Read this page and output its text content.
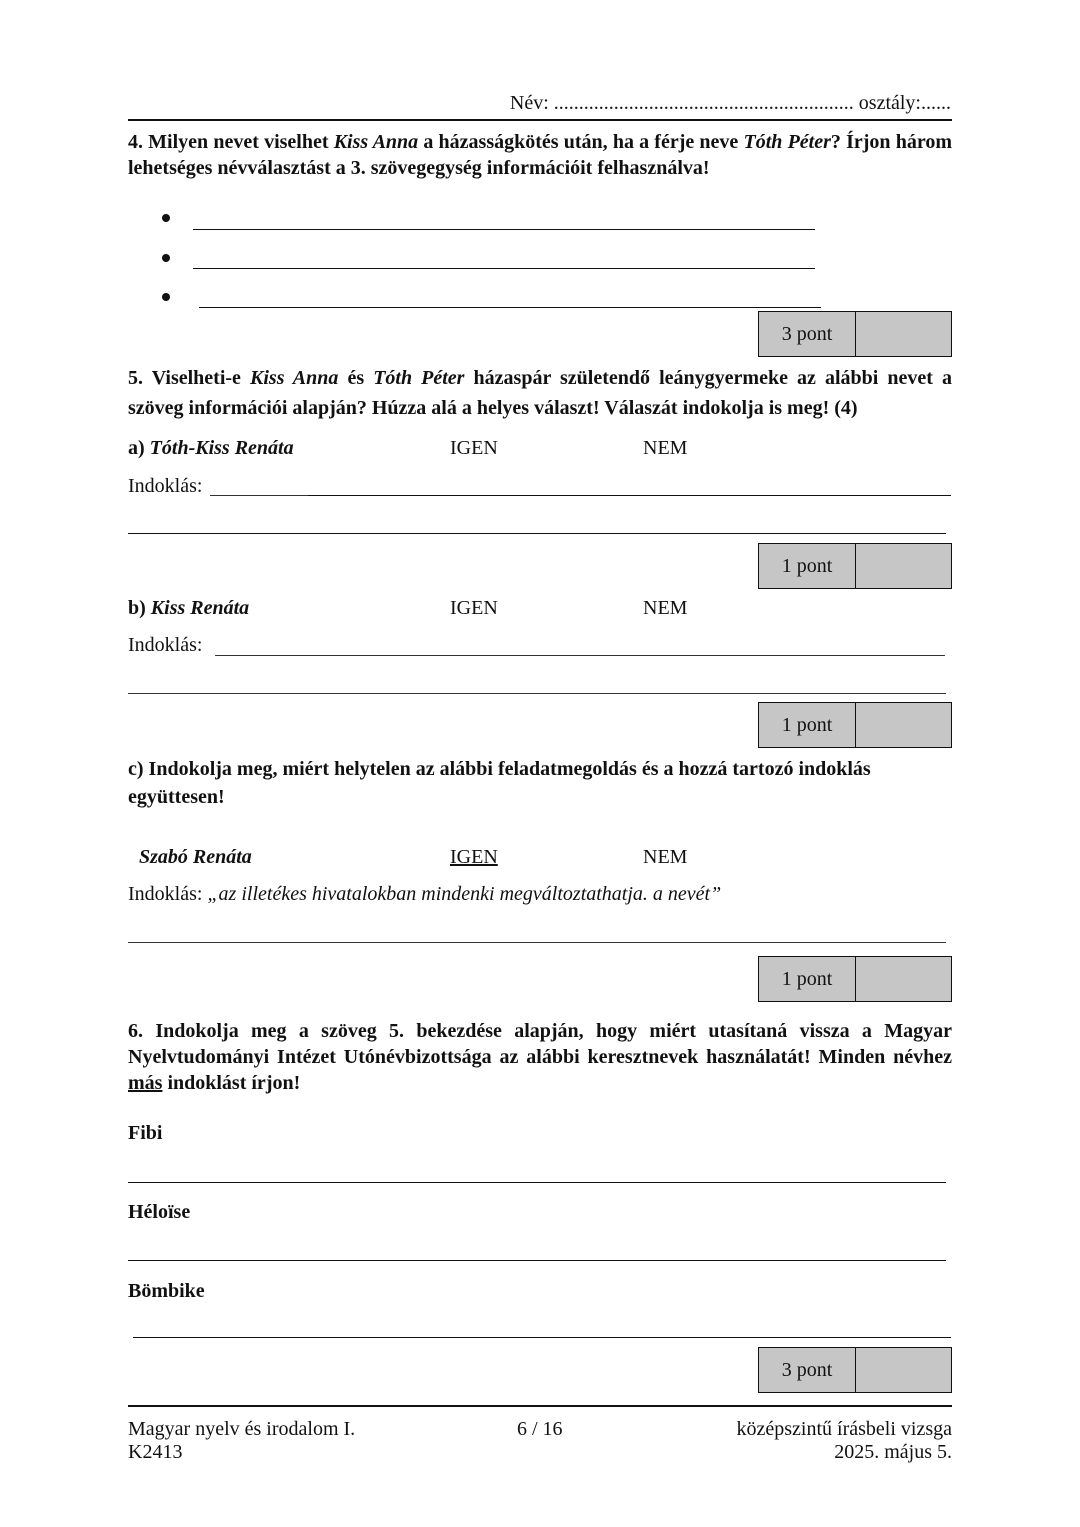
Név: ............................................................ osztály:......
4. Milyen nevet viselhet Kiss Anna a házasságkötés után, ha a férje neve Tóth Péter? Írjon három lehetséges névválasztást a 3. szövegegység információit felhasználva!
3 pont
5. Viselheti-e Kiss Anna és Tóth Péter házaspár születendő leánygyermeke az alábbi nevet a szöveg információi alapján? Húzza alá a helyes választ! Válaszát indokolja is meg! (4)
a) Tóth-Kiss Renáta	IGEN	NEM
Indoklás:
1 pont
b) Kiss Renáta	IGEN	NEM
Indoklás:
1 pont
c) Indokolja meg, miért helytelen az alábbi feladatmegoldás és a hozzá tartozó indoklás együttesen!
Szabó Renáta	IGEN	NEM
Indoklás: „az illetékes hivatalokban mindenki megváltoztathatja. a nevét”
1 pont
6. Indokolja meg a szöveg 5. bekezdése alapján, hogy miért utasítaná vissza a Magyar Nyelvtudományi Intézet Utónévbizottsága az alábbi keresztnevek használatát! Minden névhez más indoklást írjon!
Fibi
Héloïse
Bömbike
3 pont
Magyar nyelv és irodalom I.
K2413
6 / 16	középszintű írásbeli vizsga
2025. május 5.
